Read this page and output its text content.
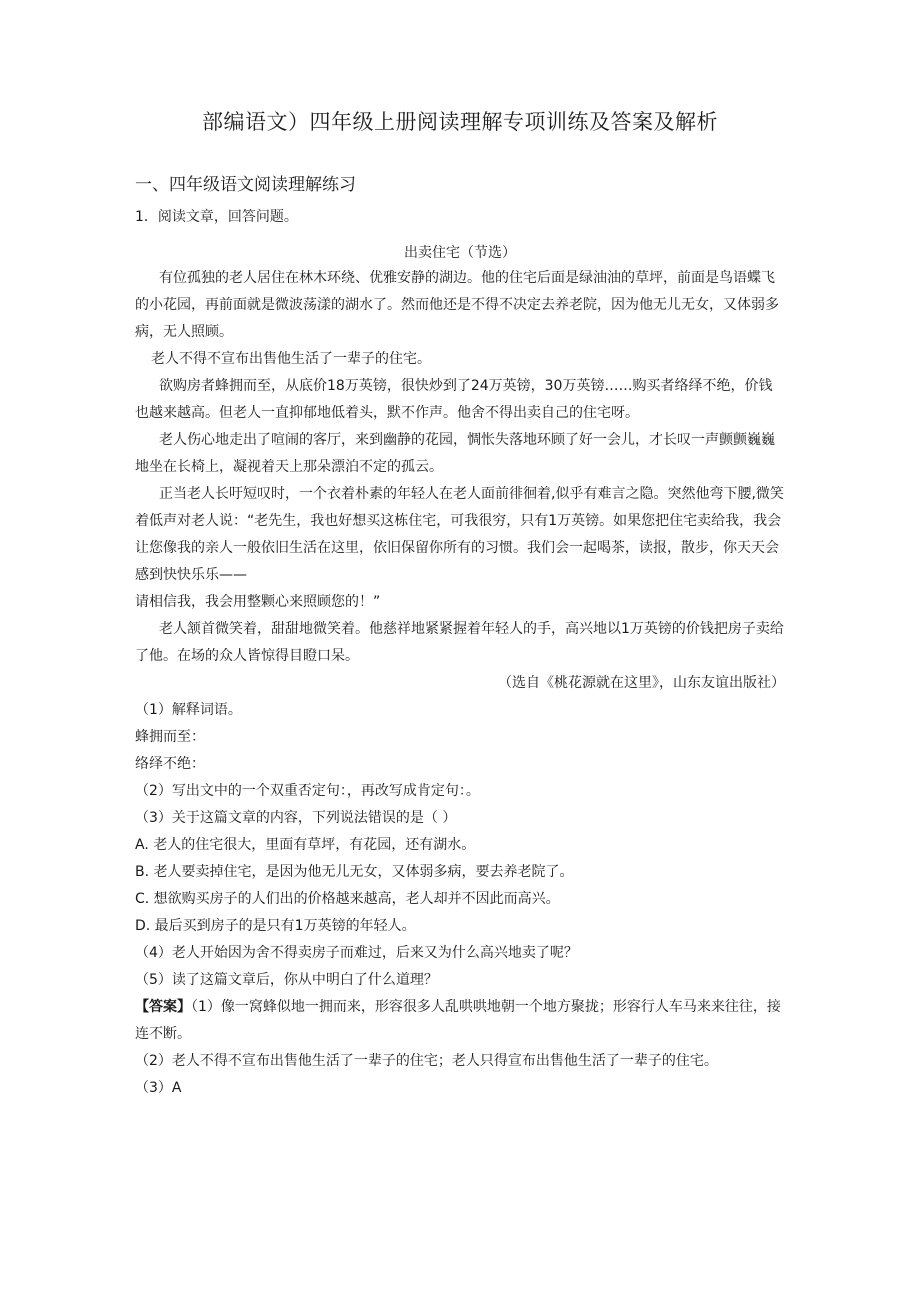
部编语文）四年级上册阅读理解专项训练及答案及解析
一、四年级语文阅读理解练习
1．阅读文章，回答问题。
出卖住宅（节选）

有位孤独的老人居住在林木环绕、优雅安静的湖边。他的住宅后面是绿油油的草坪，前面是鸟语蝶飞的小花园，再前面就是微波荡漾的湖水了。然而他还是不得不决定去养老院，因为他无儿无女，又体弱多病，无人照顾。

老人不得不宣布出售他生活了一辈子的住宅。

欲购房者蜂拥而至，从底价18万英镑，很快炒到了24万英镑，30万英镑……购买者络绎不绝，价钱也越来越高。但老人一直抑郁地低着头，默不作声。他舍不得出卖自己的住宅呀。

老人伤心地走出了喧闹的客厅，来到幽静的花园，惆怅失落地环顾了好一会儿，才长叹一声颤颤巍巍地坐在长椅上，凝视着天上那朵漂泊不定的孤云。

正当老人长吁短叹时，一个衣着朴素的年轻人在老人面前徘徊着,似乎有难言之隐。突然他弯下腰,微笑着低声对老人说：“老先生，我也好想买这栋住宅，可我很穷，只有1万英镑。如果您把住宅卖给我，我会让您像我的亲人一般依旧生活在这里，依旧保留你所有的习惯。我们会一起喝茶，读报，散步，你天天会感到快快乐乐——

请相信我，我会用整颗心来照顾您的！”

老人颔首微笑着，甜甜地微笑着。他慈祥地紧紧握着年轻人的手，高兴地以1万英镑的价钱把房子卖给了他。在场的众人皆惊得目瞪口呆。

（选自《桃花源就在这里》，山东友谊出版社）

（1）解释词语。

蜂拥而至：

络绎不绝：

（2）写出文中的一个双重否定句：，再改写成肯定句：。

（3）关于这篇文章的内容，下列说法错误的是（ ）

A. 老人的住宅很大，里面有草坪，有花园，还有湖水。

B. 老人要卖掉住宅，是因为他无儿无女，又体弱多病，要去养老院了。

C. 想欲购买房子的人们出的价格越来越高，老人却并不因此而高兴。

D. 最后买到房子的是只有1万英镑的年轻人。

（4）老人开始因为舍不得卖房子而难过，后来又为什么高兴地卖了呢？

（5）读了这篇文章后，你从中明白了什么道理？

【答案】（1）像一窝蜂似地一拥而来，形容很多人乱哄哄地朝一个地方聚拢；形容行人车马来来往往，接连不断。

（2）老人不得不宣布出售他生活了一辈子的住宅；老人只得宣布出售他生活了一辈子的住宅。

（3）A
